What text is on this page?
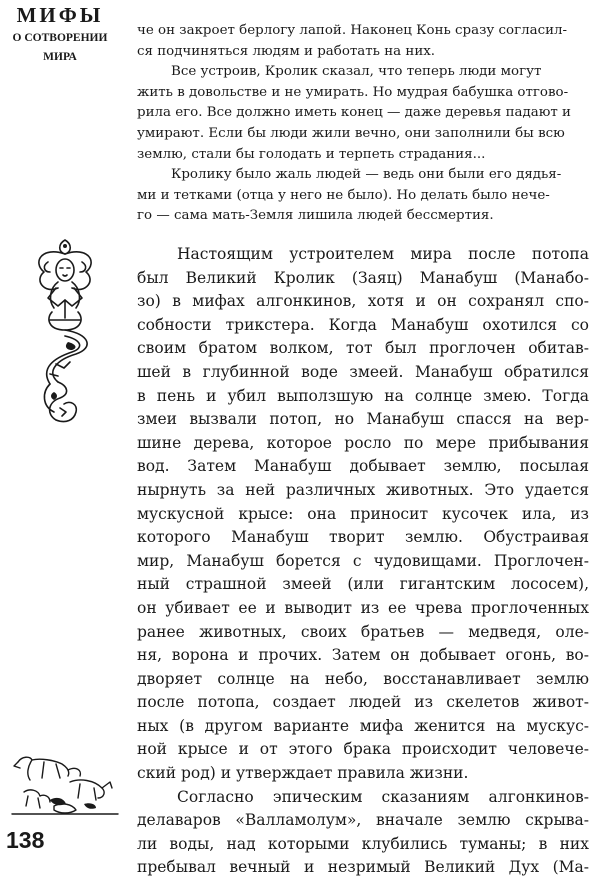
МИФЫ
О СОТВОРЕНИИ
МИРА
че он закроет берлогу лапой. Наконец Конь сразу согласил-
ся подчиняться людям и работать на них.
Все устроив, Кролик сказал, что теперь люди могут
жить в довольстве и не умирать. Но мудрая бабушка отгово-
рила его. Все должно иметь конец — даже деревья падают и
умирают. Если бы люди жили вечно, они заполнили бы всю
землю, стали бы голодать и терпеть страдания...
Кролику было жаль людей — ведь они были его дядья-
ми и тетками (отца у него не было). Но делать было нече-
го — сама мать-Земля лишила людей бессмертия.
Настоящим устроителем мира после потопа
был Великий Кролик (Заяц) Манабуш (Манабо-
зо) в мифах алгонкинов, хотя и он сохранял спо-
собности трикстера. Когда Манабуш охотился со
своим братом волком, тот был проглочен обитав-
шей в глубинной воде змеей. Манабуш обратился
в пень и убил выползшую на солнце змею. Тогда
змеи вызвали потоп, но Манабуш спасся на вер-
шине дерева, которое росло по мере прибывания
вод. Затем Манабуш добывает землю, посылая
нырнуть за ней различных животных. Это удается
мускусной крысе: она приносит кусочек ила, из
которого Манабуш творит землю. Обустраивая
мир, Манабуш борется с чудовищами. Проглочен-
ный страшной змеей (или гигантским лососем),
он убивает ее и выводит из ее чрева проглоченных
ранее животных, своих братьев — медведя, оле-
ня, ворона и прочих. Затем он добывает огонь, во-
дворяет солнце на небо, восстанавливает землю
после потопа, создает людей из скелетов живот-
ных (в другом варианте мифа женится на мускус-
ной крысе и от этого брака происходит человече-
ский род) и утверждает правила жизни.
Согласно эпическим сказаниям алгонкинов-
делаваров «Валламолум», вначале землю скрыва-
ли воды, над которыми клубились туманы; в них
пребывал вечный и незримый Великий Дух (Ма-
138
